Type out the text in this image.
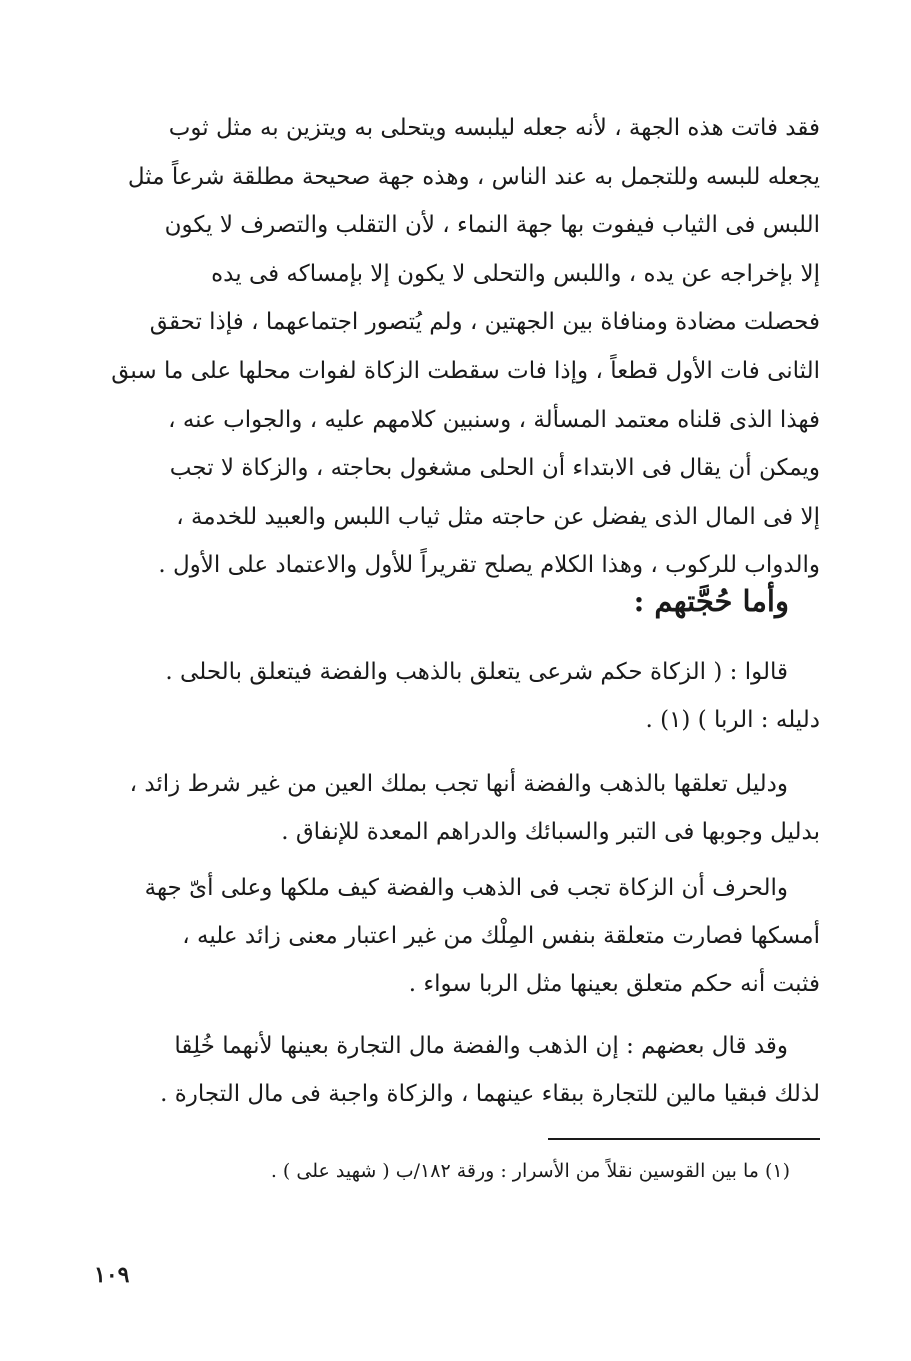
فقد فاتت هذه الجهة ، لأنه جعله ليلبسه ويتحلى به ويتزين به مثل ثوب
يجعله للبسه وللتجمل به عند الناس ، وهذه جهة صحيحة مطلقة شرعاً مثل
اللبس فى الثياب فيفوت بها جهة النماء ، لأن التقلب والتصرف لا يكون
إلا بإخراجه عن يده ، واللبس والتحلى لا يكون إلا بإمساكه فى يده
فحصلت مضادة ومنافاة بين الجهتين ، ولم يُتصور اجتماعهما ، فإذا تحقق
الثانى فات الأول قطعاً ، وإذا فات سقطت الزكاة لفوات محلها على ما سبق
فهذا الذى قلناه معتمد المسألة ، وسنبين كلامهم عليه ، والجواب عنه ،
ويمكن أن يقال فى الابتداء أن الحلى مشغول بحاجته ، والزكاة لا تجب
إلا فى المال الذى يفضل عن حاجته مثل ثياب اللبس والعبيد للخدمة ،
والدواب للركوب ، وهذا الكلام يصلح تقريراً للأول والاعتماد على الأول .
وأما حُجَّتهم :
قالوا : ( الزكاة حكم شرعى يتعلق بالذهب والفضة فيتعلق بالحلى .
دليله : الربا ) (١) .
ودليل تعلقها بالذهب والفضة أنها تجب بملك العين من غير شرط زائد ،
بدليل وجوبها فى التبر والسبائك والدراهم المعدة للإنفاق .
والحرف أن الزكاة تجب فى الذهب والفضة كيف ملكها وعلى أىّ جهة
أمسكها فصارت متعلقة بنفس المِلْك من غير اعتبار معنى زائد عليه ،
فثبت أنه حكم متعلق بعينها مثل الربا سواء .
وقد قال بعضهم : إن الذهب والفضة مال التجارة بعينها لأنهما خُلِقا
لذلك فبقيا مالين للتجارة ببقاء عينهما ، والزكاة واجبة فى مال التجارة .
(١) ما بين القوسين نقلاً من الأسرار : ورقة ١٨٢/ب ( شهيد على ) .
١٠٩
